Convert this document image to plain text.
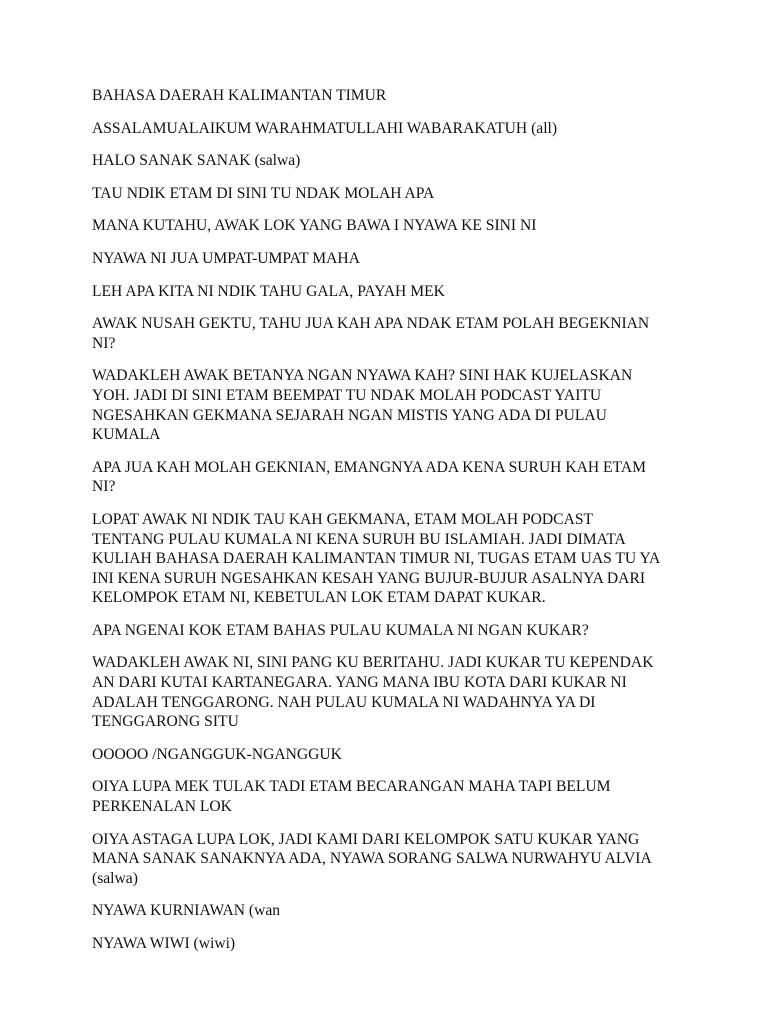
BAHASA DAERAH KALIMANTAN TIMUR

ASSALAMUALAIKUM WARAHMATULLAHI WABARAKATUH (all)

HALO SANAK SANAK (salwa)

TAU NDIK ETAM DI SINI TU NDAK MOLAH APA

MANA KUTAHU, AWAK LOK YANG BAWA I NYAWA KE SINI NI

NYAWA NI JUA UMPAT-UMPAT MAHA

LEH APA KITA NI NDIK TAHU GALA, PAYAH MEK

AWAK NUSAH GEKTU, TAHU JUA KAH APA NDAK ETAM POLAH BEGEKNIAN
NI?

WADAKLEH AWAK BETANYA NGAN NYAWA KAH? SINI HAK KUJELASKAN
YOH. JADI DI SINI ETAM BEEMPAT TU NDAK MOLAH PODCAST YAITU
NGESAHKAN GEKMANA SEJARAH NGAN MISTIS YANG ADA DI PULAU
KUMALA

APA JUA KAH MOLAH GEKNIAN, EMANGNYA ADA KENA SURUH KAH ETAM
NI?

LOPAT AWAK NI NDIK TAU KAH GEKMANA, ETAM MOLAH PODCAST
TENTANG PULAU KUMALA NI KENA SURUH BU ISLAMIAH. JADI DIMATA
KULIAH BAHASA DAERAH KALIMANTAN TIMUR NI, TUGAS ETAM UAS TU YA
INI KENA SURUH NGESAHKAN KESAH YANG BUJUR-BUJUR ASALNYA DARI
KELOMPOK ETAM NI, KEBETULAN LOK ETAM DAPAT KUKAR.

APA NGENAI KOK ETAM BAHAS PULAU KUMALA NI NGAN KUKAR?

WADAKLEH AWAK NI, SINI PANG KU BERITAHU. JADI KUKAR TU KEPENDAK
AN DARI KUTAI KARTANEGARA. YANG MANA IBU KOTA DARI KUKAR NI
ADALAH TENGGARONG. NAH PULAU KUMALA NI WADAHNYA YA DI
TENGGARONG SITU

OOOOO /NGANGGUK-NGANGGUK

OIYA LUPA MEK TULAK TADI ETAM BECARANGAN MAHA TAPI BELUM
PERKENALAN LOK

OIYA ASTAGA LUPA LOK, JADI KAMI DARI KELOMPOK SATU KUKAR YANG
MANA SANAK SANAKNYA ADA, NYAWA SORANG SALWA NURWAHYU ALVIA
(salwa)

NYAWA KURNIAWAN (wan

NYAWA WIWI (wiwi)
